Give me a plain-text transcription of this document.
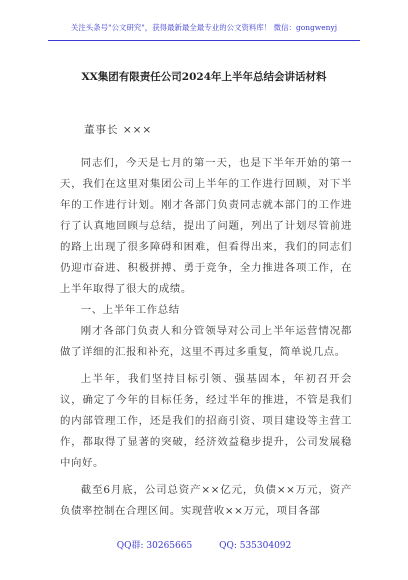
关注头条号"公文研究"，获得最新最全最专业的公文资料库！ 微信：gongwenyj
XX集团有限责任公司2024年上半年总结会讲话材料
董事长 ×××

同志们，今天是七月的第一天，也是下半年开始的第一天，我们在这里对集团公司上半年的工作进行回顾，对下半年的工作进行计划。刚才各部门负责同志就本部门的工作进行了认真地回顾与总结，提出了问题，列出了计划尽管前进的路上出现了很多障碍和困难，但看得出来，我们的同志们仍迎市奋进、积极拼搏、勇于竞争，全力推进各项工作，在上半年取得了很大的成绩。

一、上半年工作总结

刚才各部门负责人和分管领导对公司上半年运营情况都做了详细的汇报和补充，这里不再过多重复，简单说几点。

上半年，我们坚持目标引领、强基固本，年初召开会议，确定了今年的目标任务，经过半年的推进，不管是我们的内部管理工作，还是我们的招商引资、项目建设等主营工作，都取得了显著的突破，经济效益稳步提升，公司发展稳中向好。

截至6月底，公司总资产××亿元，负债××万元，资产负债率控制在合理区间。实现营收××万元，项目各部

QQ群: 30265665	QQ: 535304092
